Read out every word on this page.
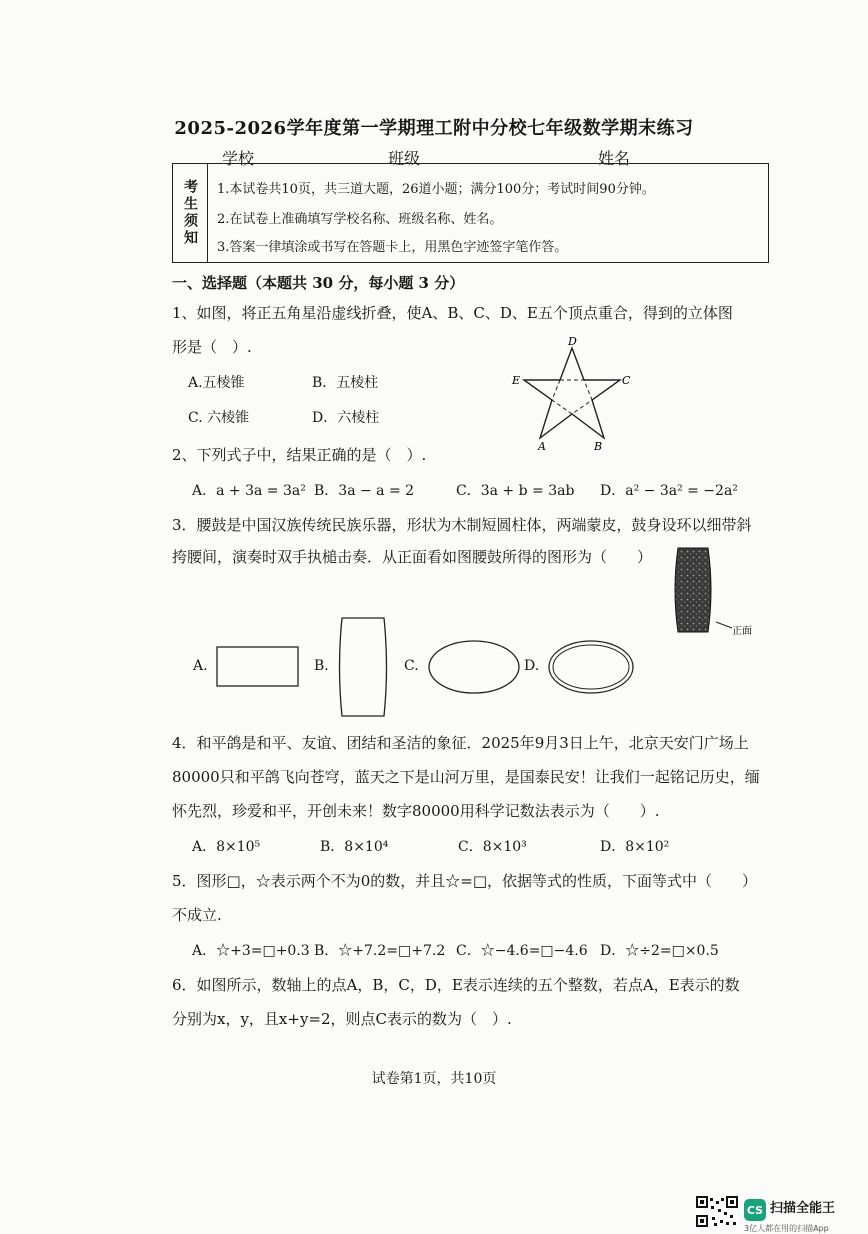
2025-2026学年度第一学期理工附中分校七年级数学期末练习
学校	班级	姓名
考生须知 1.本试卷共10页，共三道大题，26道小题；满分100分；考试时间90分钟。
2.在试卷上准确填写学校名称、班级名称、姓名。
3.答案一律填涂或书写在答题卡上，用黑色字迹签字笔作答。
一、选择题（本题共 30 分，每小题 3 分）
1、如图，将正五角星沿虚线折叠，使A、B、C、D、E五个顶点重合，得到的立体图
形是（　）.
A.五棱锥	B．五棱柱
C. 六棱锥	D．六棱柱
D
E	C
A	B
2、下列式子中，结果正确的是（　）.
A．a + 3a = 3a² B．3a − a = 2	C．3a + b = 3ab D．a² − 3a² = −2a²
3．腰鼓是中国汉族传统民族乐器，形状为木制短圆柱体，两端蒙皮，鼓身设环以细带斜
挎腰间，演奏时双手执槌击奏．从正面看如图腰鼓所得的图形为（　　）
正面
A.	B.	C.	D.
4．和平鸽是和平、友谊、团结和圣洁的象征．2025年9月3日上午，北京天安门广场上
80000只和平鸽飞向苍穹，蓝天之下是山河万里，是国泰民安！让我们一起铭记历史，缅
怀先烈，珍爱和平，开创未来！数字80000用科学记数法表示为（　　）.
A．8×10⁵	B．8×10⁴	C．8×10³	D．8×10²
5．图形□，☆表示两个不为0的数，并且☆=□，依据等式的性质，下面等式中（　　）
不成立.
A．☆+3=□+0.3 B．☆+7.2=□+7.2 C．☆−4.6=□−4.6 D．☆÷2=□×0.5
6．如图所示，数轴上的点A，B，C，D，E表示连续的五个整数，若点A，E表示的数
分别为x，y，且x+y=2，则点C表示的数为（　）.
试卷第1页，共10页
CS 扫描全能王
3亿人都在用的扫描App
